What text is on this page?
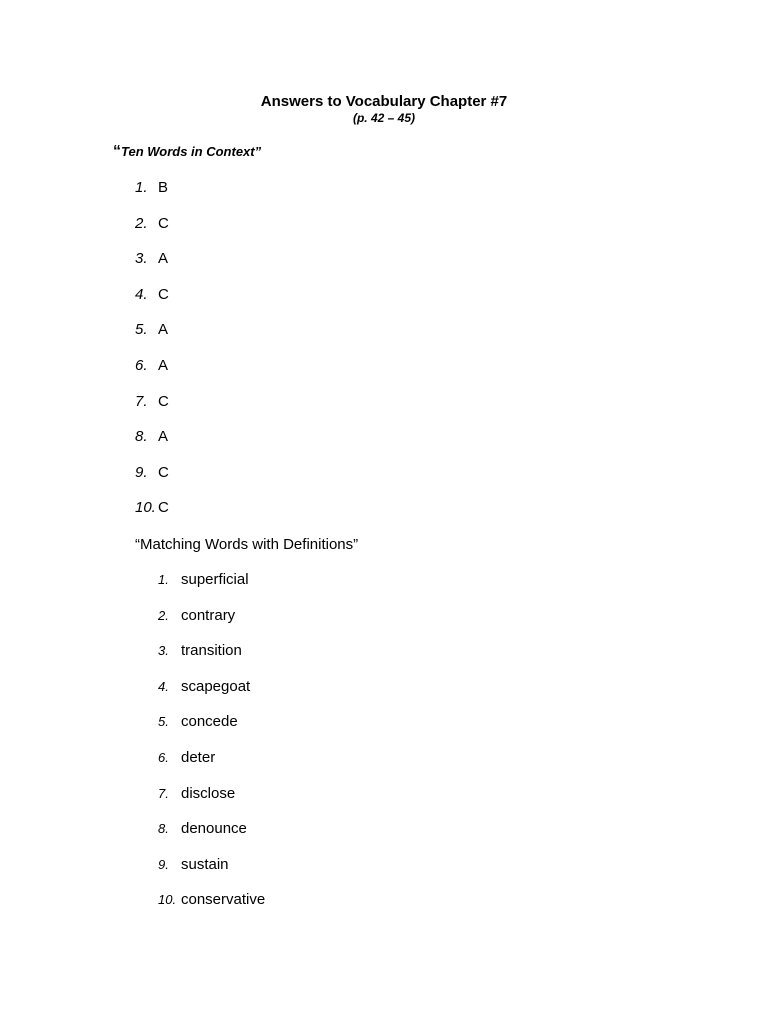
Answers to Vocabulary Chapter #7
(p. 42 – 45)
“Ten Words in Context”
1. B
2. C
3. A
4. C
5. A
6. A
7. C
8. A
9. C
10. C
“Matching Words with Definitions”
1. superficial
2. contrary
3. transition
4. scapegoat
5. concede
6. deter
7. disclose
8. denounce
9. sustain
10. conservative
